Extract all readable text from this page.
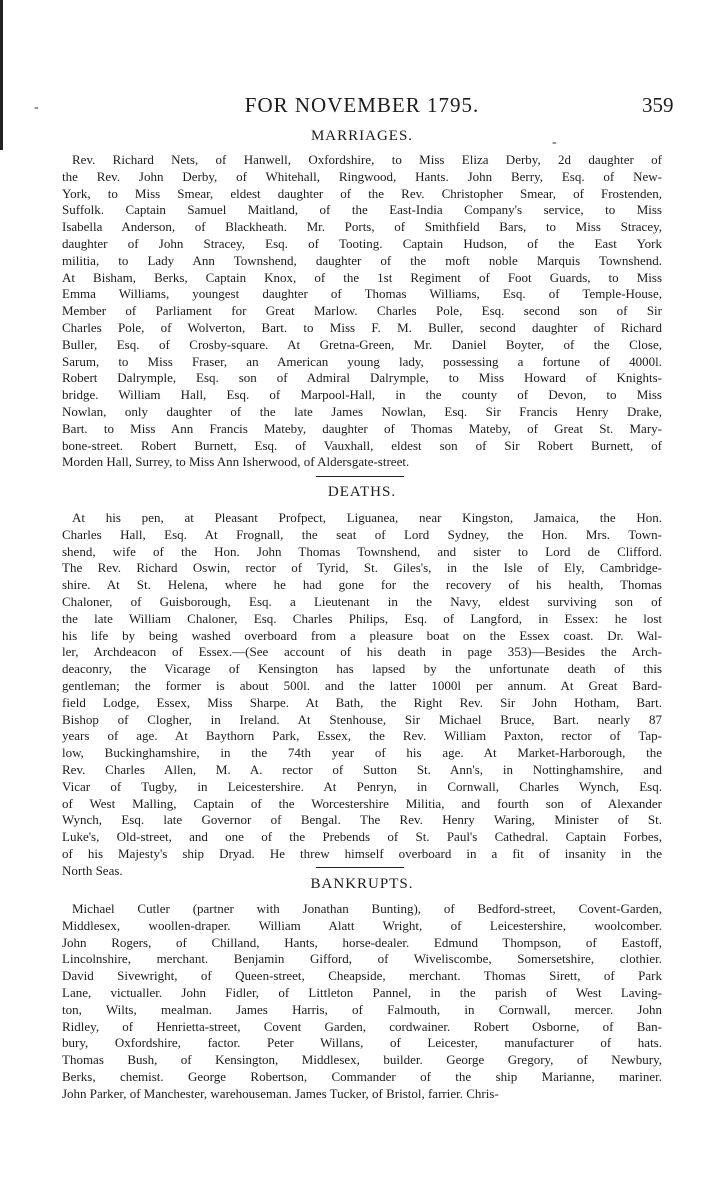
-
-
FOR NOVEMBER 1795.	359
MARRIAGES.
Rev. Richard Nets, of Hanwell, Oxfordshire, to Miss Eliza Derby, 2d daughter of
the Rev. John Derby, of Whitehall, Ringwood, Hants. John Berry, Esq. of New-
York, to Miss Smear, eldest daughter of the Rev. Christopher Smear, of Frostenden,
Suffolk. Captain Samuel Maitland, of the East-India Company's service, to Miss
Isabella Anderson, of Blackheath. Mr. Ports, of Smithfield Bars, to Miss Stracey,
daughter of John Stracey, Esq. of Tooting. Captain Hudson, of the East York
militia, to Lady Ann Townshend, daughter of the moft noble Marquis Townshend.
At Bisham, Berks, Captain Knox, of the 1st Regiment of Foot Guards, to Miss
Emma Williams, youngest daughter of Thomas Williams, Esq. of Temple-House,
Member of Parliament for Great Marlow. Charles Pole, Esq. second son of Sir
Charles Pole, of Wolverton, Bart. to Miss F. M. Buller, second daughter of Richard
Buller, Esq. of Crosby-square. At Gretna-Green, Mr. Daniel Boyter, of the Close,
Sarum, to Miss Fraser, an American young lady, possessing a fortune of 4000l.
Robert Dalrymple, Esq. son of Admiral Dalrymple, to Miss Howard of Knights-
bridge. William Hall, Esq. of Marpool-Hall, in the county of Devon, to Miss
Nowlan, only daughter of the late James Nowlan, Esq. Sir Francis Henry Drake,
Bart. to Miss Ann Francis Mateby, daughter of Thomas Mateby, of Great St. Mary-
bone-street. Robert Burnett, Esq. of Vauxhall, eldest son of Sir Robert Burnett, of
Morden Hall, Surrey, to Miss Ann Isherwood, of Aldersgate-street.
DEATHS.
At his pen, at Pleasant Profpect, Liguanea, near Kingston, Jamaica, the Hon.
Charles Hall, Esq. At Frognall, the seat of Lord Sydney, the Hon. Mrs. Town-
shend, wife of the Hon. John Thomas Townshend, and sister to Lord de Clifford.
The Rev. Richard Oswin, rector of Tyrid, St. Giles's, in the Isle of Ely, Cambridge-
shire. At St. Helena, where he had gone for the recovery of his health, Thomas
Chaloner, of Guisborough, Esq. a Lieutenant in the Navy, eldest surviving son of
the late William Chaloner, Esq. Charles Philips, Esq. of Langford, in Essex: he lost
his life by being washed overboard from a pleasure boat on the Essex coast. Dr. Wal-
ler, Archdeacon of Essex.—(See account of his death in page 353)—Besides the Arch-
deaconry, the Vicarage of Kensington has lapsed by the unfortunate death of this
gentleman; the former is about 500l. and the latter 1000l per annum. At Great Bard-
field Lodge, Essex, Miss Sharpe. At Bath, the Right Rev. Sir John Hotham, Bart.
Bishop of Clogher, in Ireland. At Stenhouse, Sir Michael Bruce, Bart. nearly 87
years of age. At Baythorn Park, Essex, the Rev. William Paxton, rector of Tap-
low, Buckinghamshire, in the 74th year of his age. At Market-Harborough, the
Rev. Charles Allen, M. A. rector of Sutton St. Ann's, in Nottinghamshire, and
Vicar of Tugby, in Leicestershire. At Penryn, in Cornwall, Charles Wynch, Esq.
of West Malling, Captain of the Worcestershire Militia, and fourth son of Alexander
Wynch, Esq. late Governor of Bengal. The Rev. Henry Waring, Minister of St.
Luke's, Old-street, and one of the Prebends of St. Paul's Cathedral. Captain Forbes,
of his Majesty's ship Dryad. He threw himself overboard in a fit of insanity in the
North Seas.
BANKRUPTS.
Michael Cutler (partner with Jonathan Bunting), of Bedford-street, Covent-Garden,
Middlesex, woollen-draper. William Alatt Wright, of Leicestershire, woolcomber.
John Rogers, of Chilland, Hants, horse-dealer. Edmund Thompson, of Eastoff,
Lincolnshire, merchant. Benjamin Gifford, of Wiveliscombe, Somersetshire, clothier.
David Sivewright, of Queen-street, Cheapside, merchant. Thomas Sirett, of Park
Lane, victualler. John Fidler, of Littleton Pannel, in the parish of West Laving-
ton, Wilts, mealman. James Harris, of Falmouth, in Cornwall, mercer. John
Ridley, of Henrietta-street, Covent Garden, cordwainer. Robert Osborne, of Ban-
bury, Oxfordshire, factor. Peter Willans, of Leicester, manufacturer of hats.
Thomas Bush, of Kensington, Middlesex, builder. George Gregory, of Newbury,
Berks, chemist. George Robertson, Commander of the ship Marianne, mariner.
John Parker, of Manchester, warehouseman. James Tucker, of Bristol, farrier. Chris-
